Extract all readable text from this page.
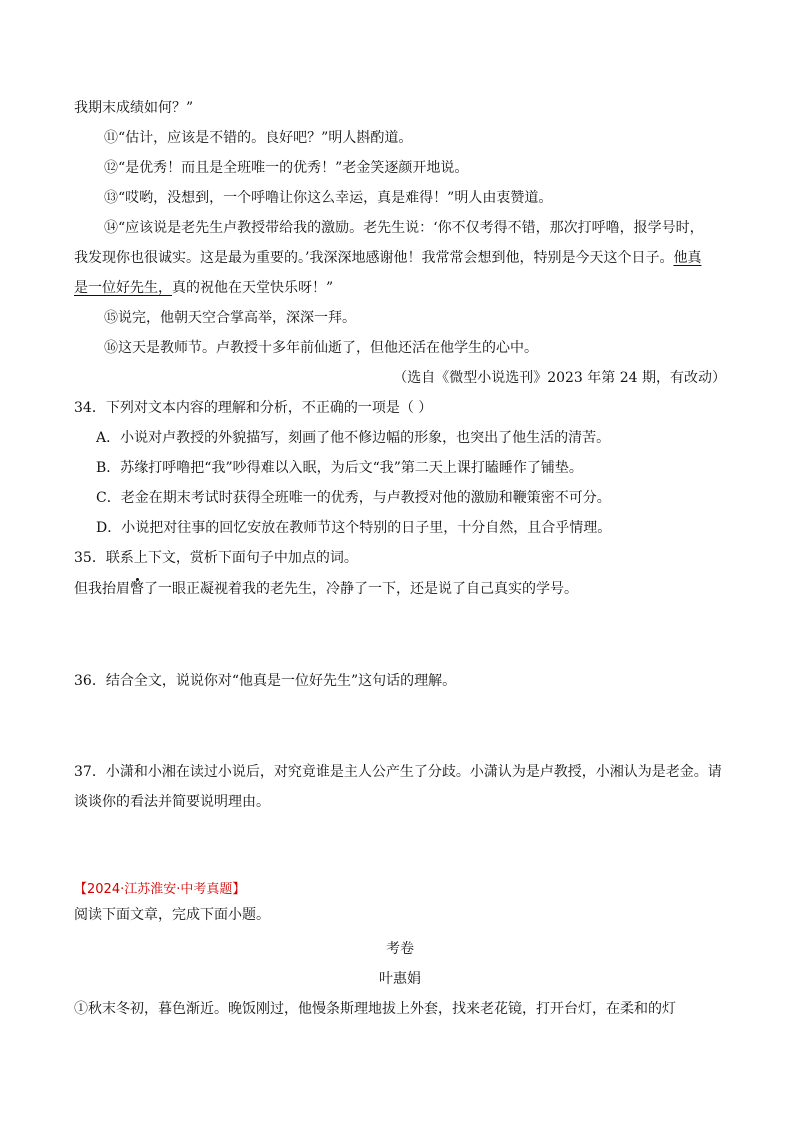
我期末成绩如何？”
⑪“估计，应该是不错的。良好吧？”明人斟酌道。
⑫“是优秀！而且是全班唯一的优秀！”老金笑逐颜开地说。
⑬“哎哟，没想到，一个呼噜让你这么幸运，真是难得！”明人由衷赞道。
⑭“应该说是老先生卢教授带给我的激励。老先生说：‘你不仅考得不错，那次打呼噜，报学号时，
我发现你也很诚实。这是最为重要的。’我深深地感谢他！我常常会想到他，特别是今天这个日子。他真
是一位好先生，真的祝他在天堂快乐呀！”
⑮说完，他朝天空合掌高举，深深一拜。
⑯这天是教师节。卢教授十多年前仙逝了，但他还活在他学生的心中。
（选自《微型小说选刊》2023 年第 24 期，有改动）
34．下列对文本内容的理解和分析，不正确的一项是（ ）
A．小说对卢教授的外貌描写，刻画了他不修边幅的形象，也突出了他生活的清苦。
B．苏缘打呼噜把“我”吵得难以入眠，为后文“我”第二天上课打瞌睡作了铺垫。
C．老金在期末考试时获得全班唯一的优秀，与卢教授对他的激励和鞭策密不可分。
D．小说把对往事的回忆安放在教师节这个特别的日子里，十分自然，且合乎情理。
35．联系上下文，赏析下面句子中加点的词。
但我抬眉瞥了一眼正凝视着我的老先生，冷静了一下，还是说了自己真实的学号。
36．结合全文，说说你对“他真是一位好先生”这句话的理解。
37．小潇和小湘在读过小说后，对究竟谁是主人公产生了分歧。小潇认为是卢教授，小湘认为是老金。请
谈谈你的看法并简要说明理由。
【2024·江苏淮安·中考真题】
阅读下面文章，完成下面小题。
考卷
叶惠娟
①秋末冬初，暮色渐近。晚饭刚过，他慢条斯理地拔上外套，找来老花镜，打开台灯，在柔和的灯
